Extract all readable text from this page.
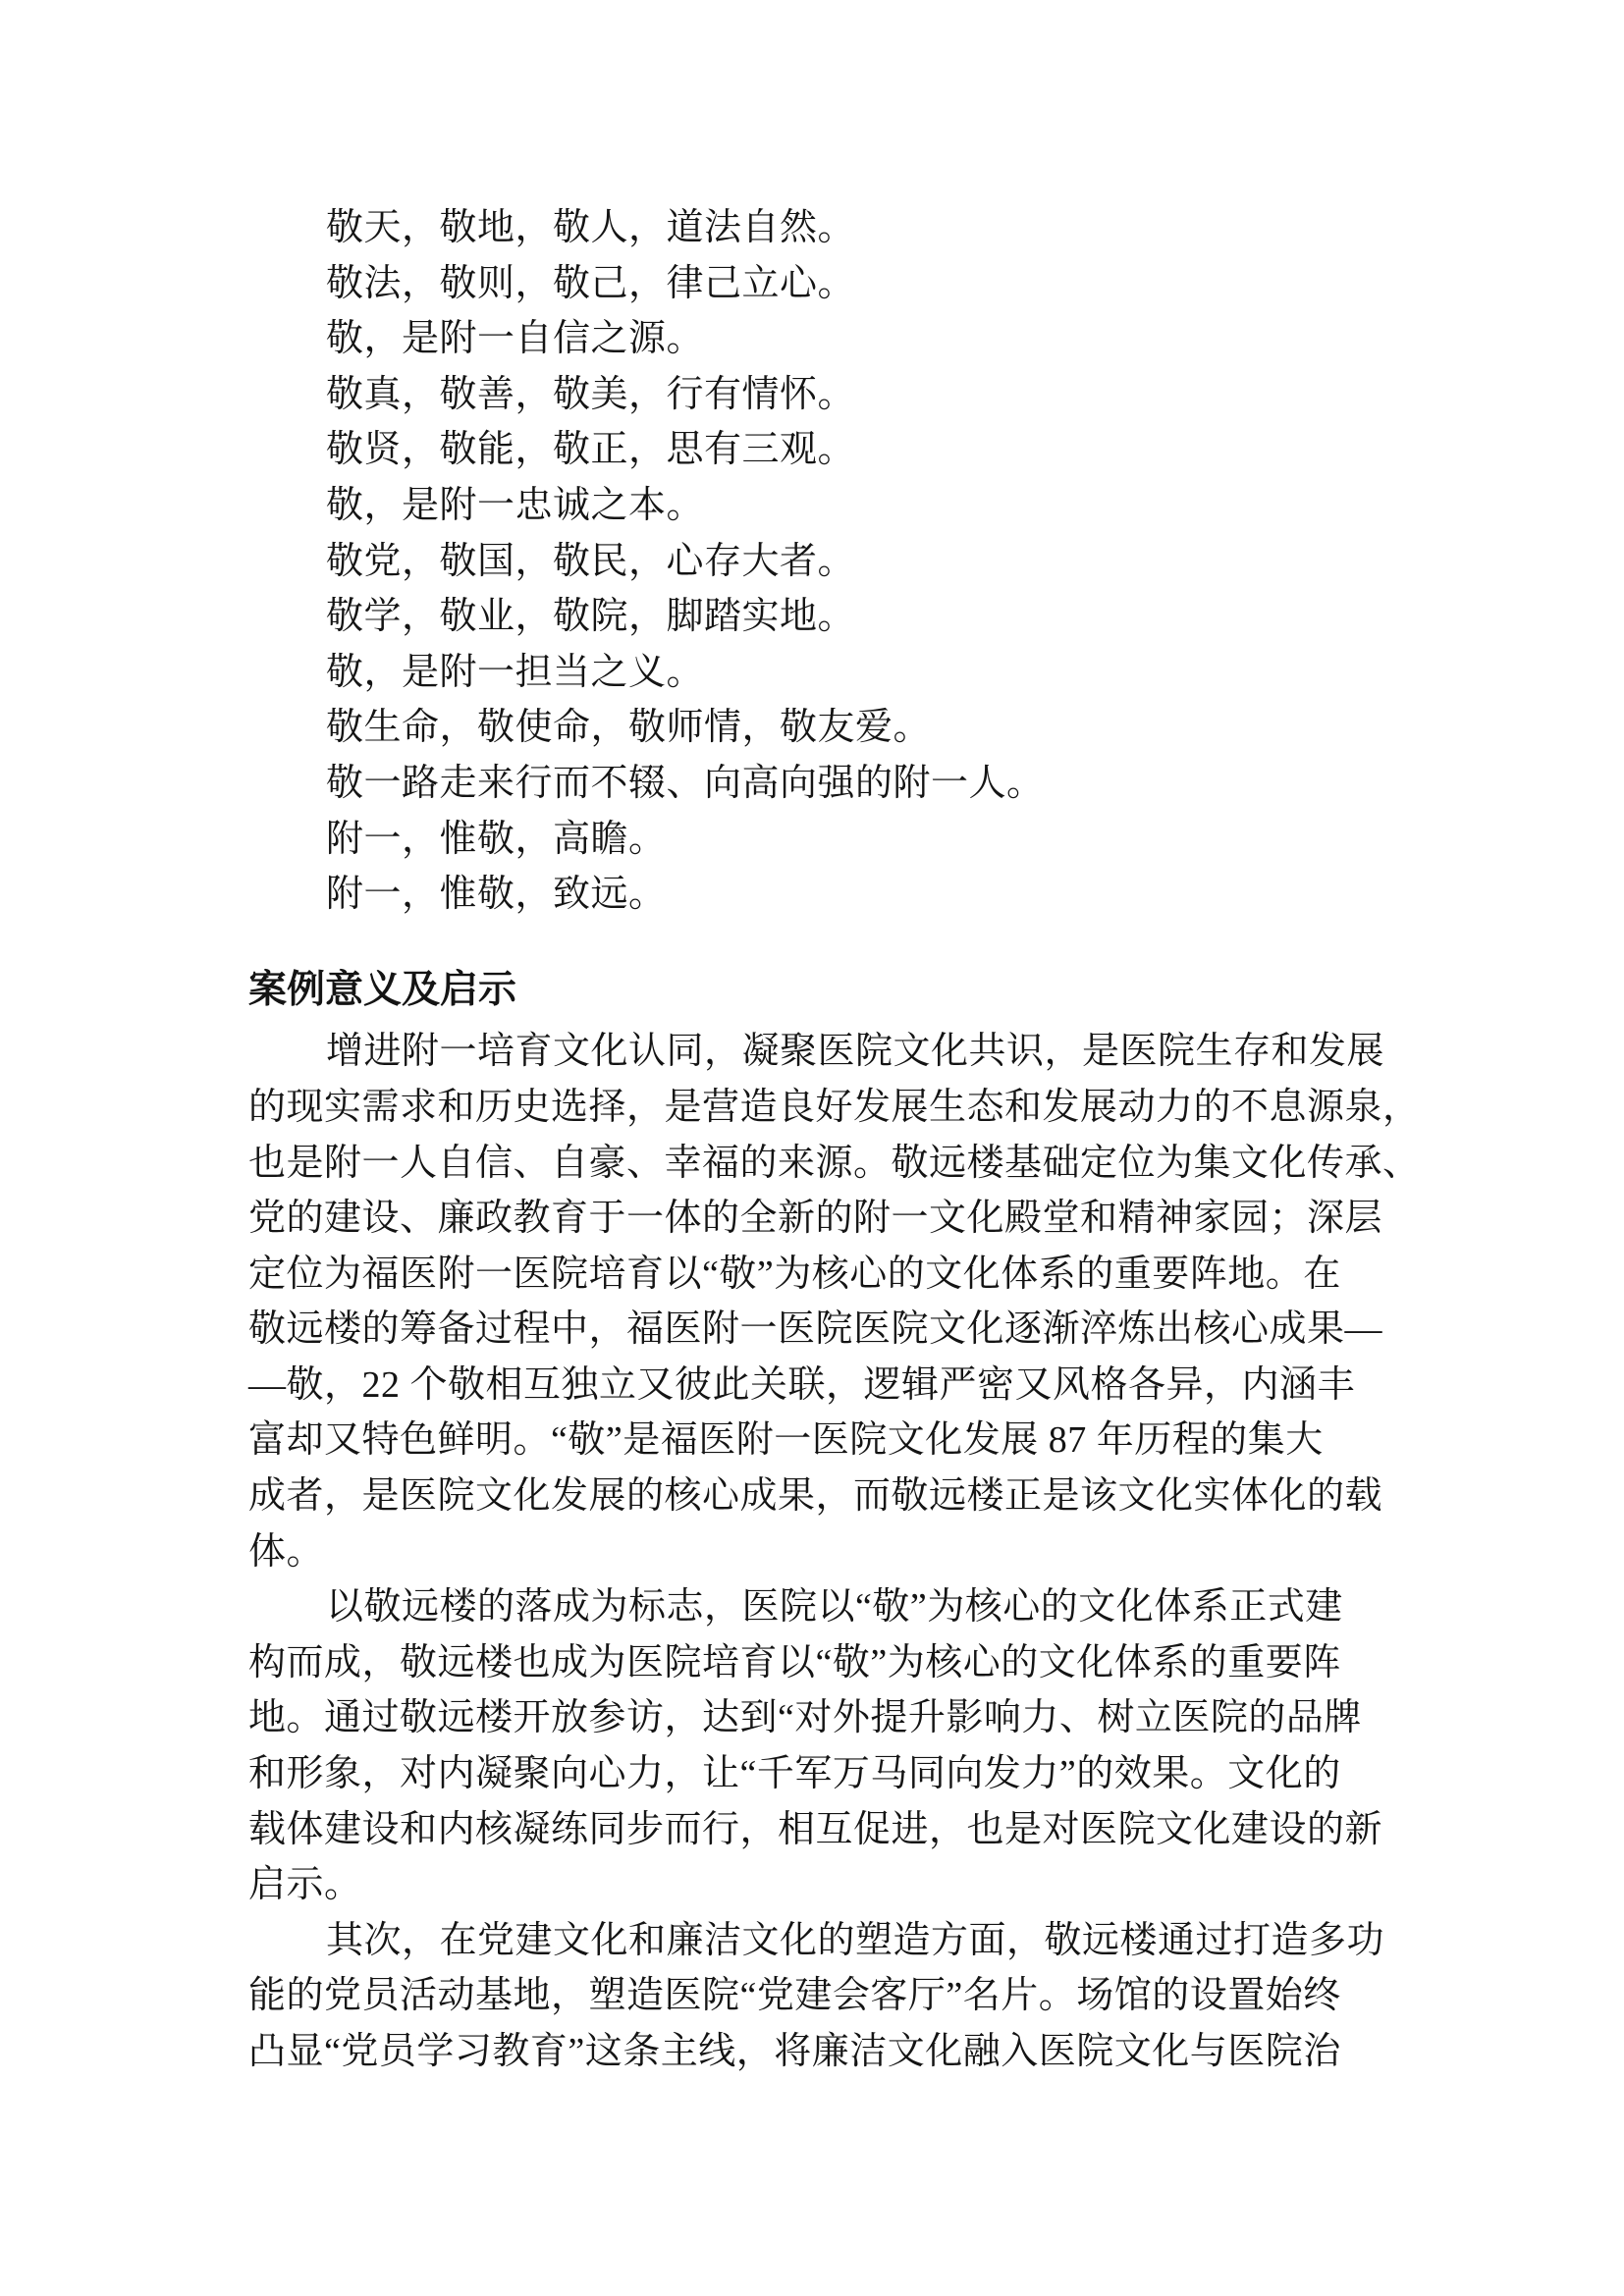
敬天，敬地，敬人，道法自然。
敬法，敬则，敬己，律己立心。
敬，是附一自信之源。
敬真，敬善，敬美，行有情怀。
敬贤，敬能，敬正，思有三观。
敬，是附一忠诚之本。
敬党，敬国，敬民，心存大者。
敬学，敬业，敬院，脚踏实地。
敬，是附一担当之义。
敬生命，敬使命，敬师情，敬友爱。
敬一路走来行而不辍、向高向强的附一人。
附一，惟敬，高瞻。
附一，惟敬，致远。
案例意义及启示
增进附一培育文化认同，凝聚医院文化共识，是医院生存和发展
的现实需求和历史选择，是营造良好发展生态和发展动力的不息源泉，
也是附一人自信、自豪、幸福的来源。敬远楼基础定位为集文化传承、
党的建设、廉政教育于一体的全新的附一文化殿堂和精神家园；深层
定位为福医附一医院培育以“敬”为核心的文化体系的重要阵地。在
敬远楼的筹备过程中，福医附一医院医院文化逐渐淬炼出核心成果—
—敬，22 个敬相互独立又彼此关联，逻辑严密又风格各异，内涵丰
富却又特色鲜明。“敬”是福医附一医院文化发展 87 年历程的集大
成者，是医院文化发展的核心成果，而敬远楼正是该文化实体化的载
体。
以敬远楼的落成为标志，医院以“敬”为核心的文化体系正式建
构而成，敬远楼也成为医院培育以“敬”为核心的文化体系的重要阵
地。通过敬远楼开放参访，达到“对外提升影响力、树立医院的品牌
和形象，对内凝聚向心力，让“千军万马同向发力”的效果。文化的
载体建设和内核凝练同步而行，相互促进，也是对医院文化建设的新
启示。
其次，在党建文化和廉洁文化的塑造方面，敬远楼通过打造多功
能的党员活动基地，塑造医院“党建会客厅”名片。场馆的设置始终
凸显“党员学习教育”这条主线，将廉洁文化融入医院文化与医院治
